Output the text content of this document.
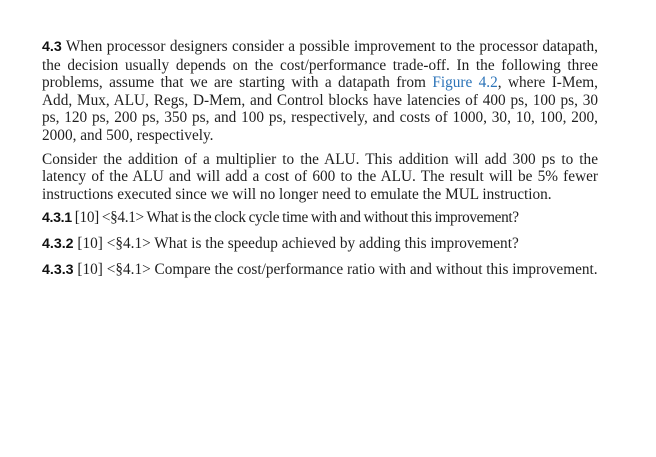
4.3 When processor designers consider a possible improvement to the processor datapath, the decision usually depends on the cost/performance trade-off. In the following three problems, assume that we are starting with a datapath from Figure 4.2, where I-Mem, Add, Mux, ALU, Regs, D-Mem, and Control blocks have latencies of 400 ps, 100 ps, 30 ps, 120 ps, 200 ps, 350 ps, and 100 ps, respectively, and costs of 1000, 30, 10, 100, 200, 2000, and 500, respectively.

Consider the addition of a multiplier to the ALU. This addition will add 300 ps to the latency of the ALU and will add a cost of 600 to the ALU. The result will be 5% fewer instructions executed since we will no longer need to emulate the MUL instruction.

4.3.1 [10] <§4.1> What is the clock cycle time with and without this improvement?

4.3.2 [10] <§4.1> What is the speedup achieved by adding this improvement?

4.3.3 [10] <§4.1> Compare the cost/performance ratio with and without this improvement.
